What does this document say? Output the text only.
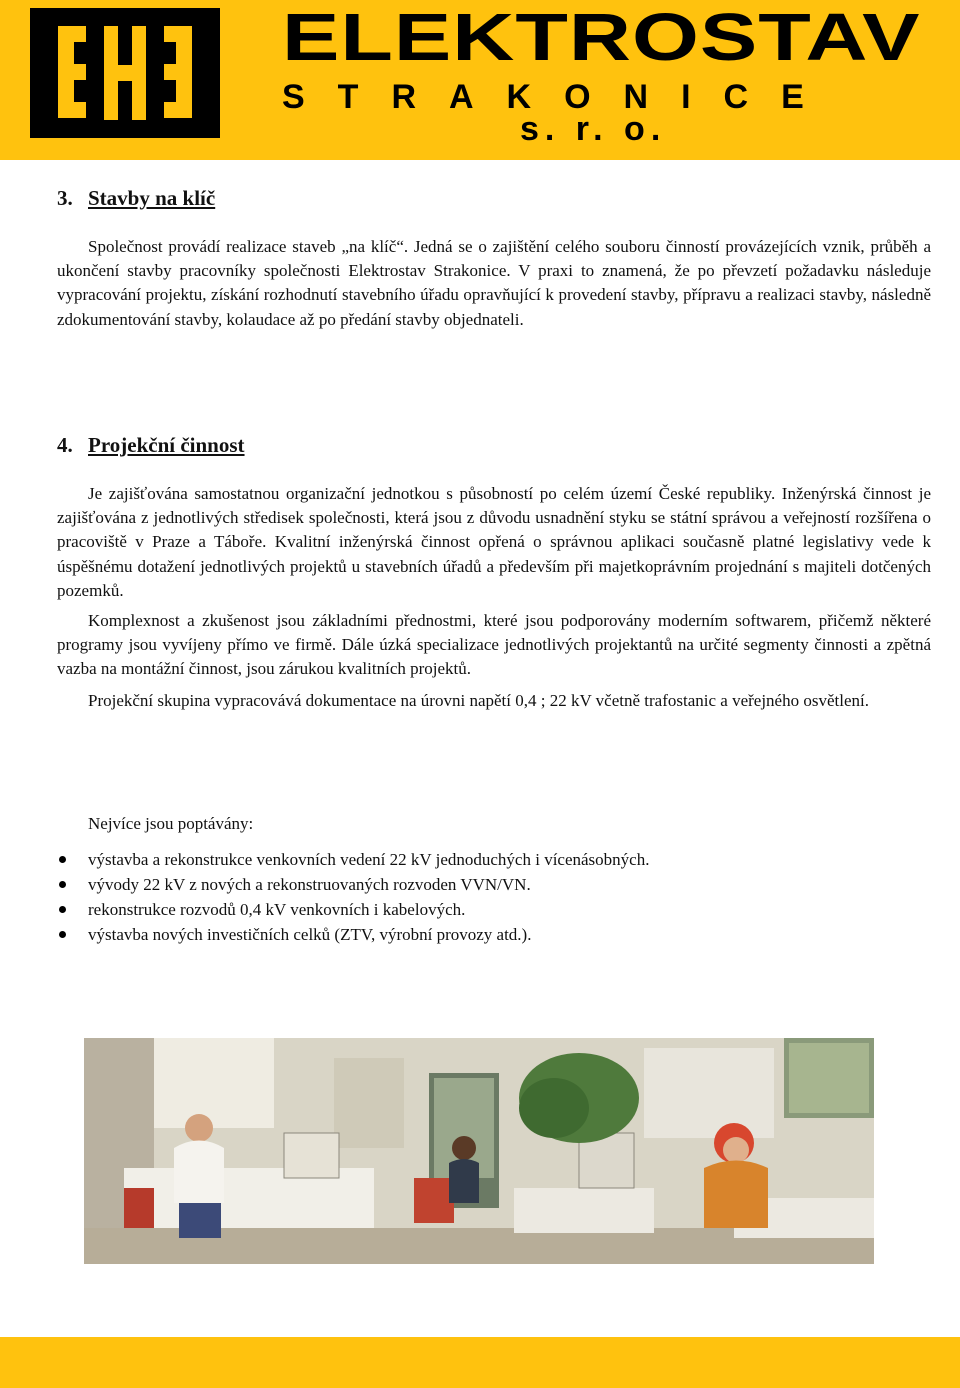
ELEKTROSTAV
STRAKONICE
s. r. o.
3. Stavby na klíč

Společnost provádí realizace staveb „na klíč“. Jedná se o zajištění celého souboru činností provázejících vznik, průběh a ukončení stavby pracovníky společnosti Elektrostav Strakonice. V praxi to znamená, že po převzetí požadavku následuje vypracování projektu, získání rozhodnutí stavebního úřadu opravňující k provedení stavby, přípravu a realizaci stavby, následně zdokumentování stavby, kolaudace až po předání stavby objednateli.

4. Projekční činnost

Je zajišťována samostatnou organizační jednotkou s působností po celém území České republiky. Inženýrská činnost je zajišťována z jednotlivých středisek společnosti, která jsou z důvodu usnadnění styku se státní správou a veřejností rozšířena o pracoviště v Praze a Táboře. Kvalitní inženýrská činnost opřená o správnou aplikaci současně platné legislativy vede k úspěšnému dotažení jednotlivých projektů u stavebních úřadů a především při majetkoprávním projednání s majiteli dotčených pozemků.

Komplexnost a zkušenost jsou základními přednostmi, které jsou podporovány moderním softwarem, přičemž některé programy jsou vyvíjeny přímo ve firmě. Dále úzká specializace jednotlivých projektantů na určité segmenty činnosti a zpětná vazba na montážní činnost, jsou zárukou kvalitních projektů.

Projekční skupina vypracovává dokumentace na úrovni napětí 0,4 ; 22 kV včetně trafostanic a veřejného osvětlení.

Nejvíce jsou poptávány:

výstavba a rekonstrukce venkovních vedení 22 kV jednoduchých i vícenásobných.
vývody 22 kV z nových a rekonstruovaných rozvoden VVN/VN.
rekonstrukce rozvodů 0,4 kV venkovních i kabelových.
výstavba nových investičních celků (ZTV, výrobní provozy atd.).
